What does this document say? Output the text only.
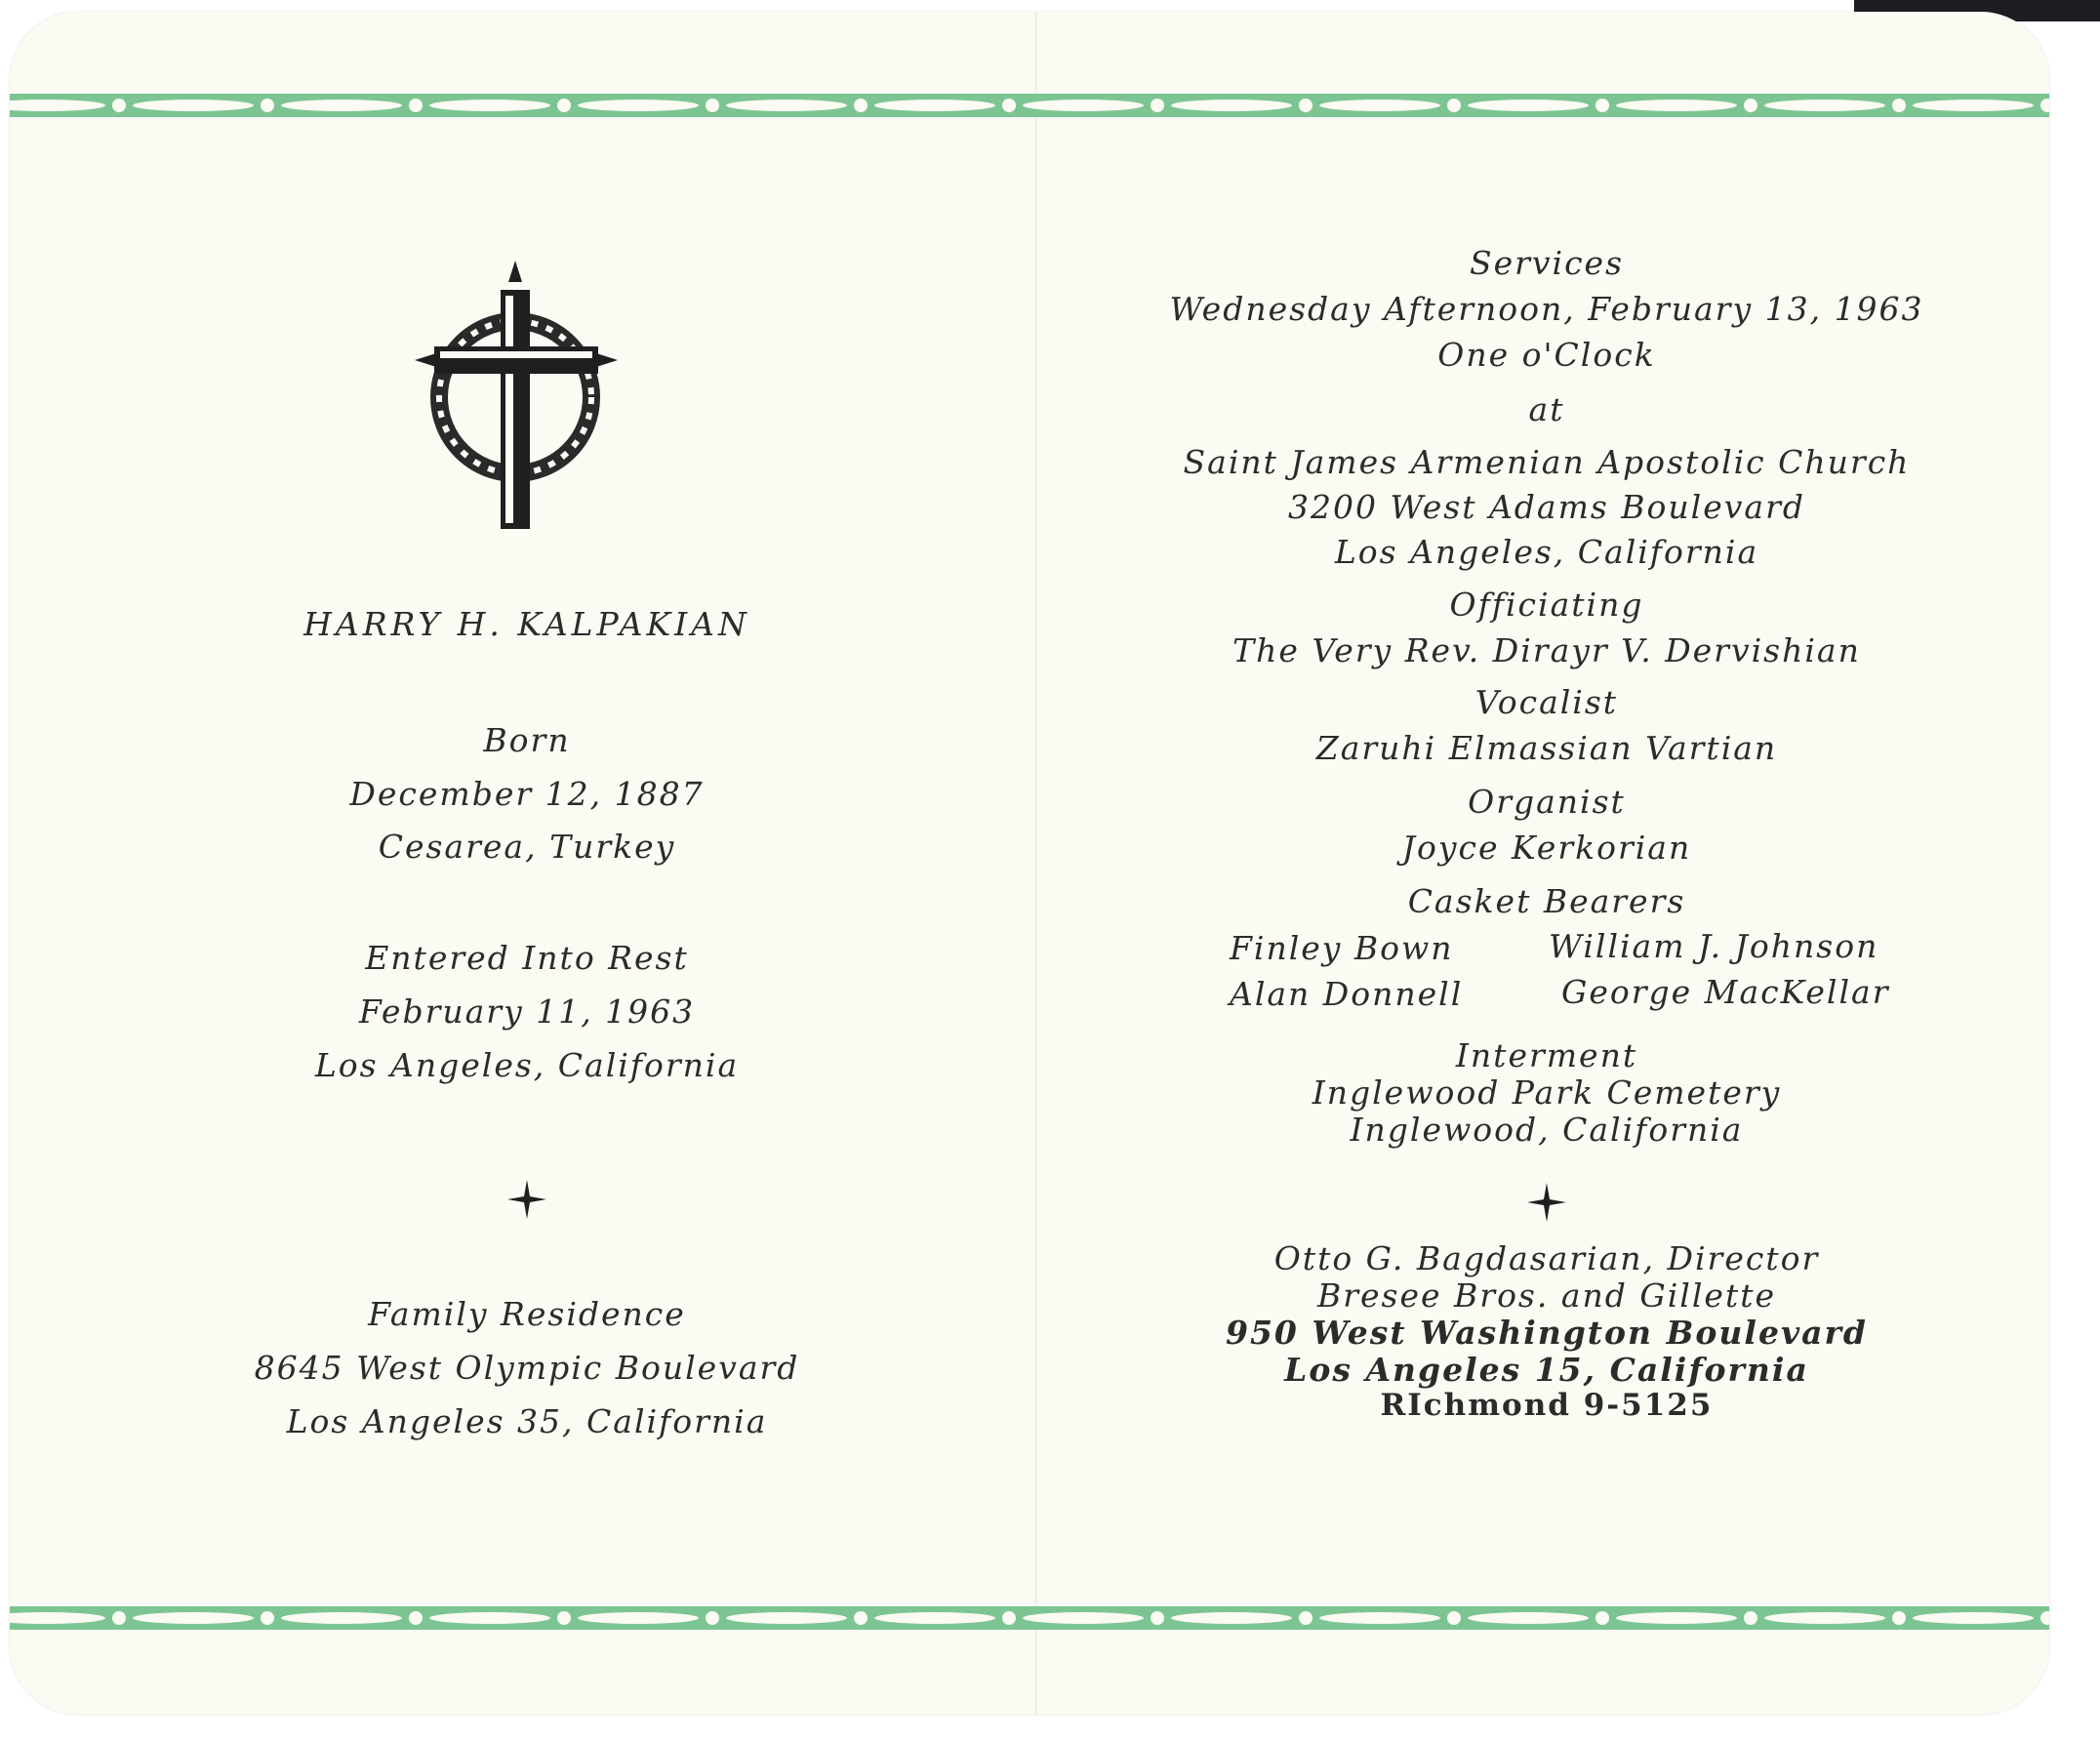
HARRY H. KALPAKIAN
Born
December 12, 1887
Cesarea, Turkey
Entered Into Rest
February 11, 1963
Los Angeles, California
Family Residence
8645 West Olympic Boulevard
Los Angeles 35, California
Services
Wednesday Afternoon, February 13, 1963
One o'Clock
at
Saint James Armenian Apostolic Church
3200 West Adams Boulevard
Los Angeles, California
Officiating
The Very Rev. Dirayr V. Dervishian
Vocalist
Zaruhi Elmassian Vartian
Organist
Joyce Kerkorian
Casket Bearers
Finley Bown	William J. Johnson
Alan Donnell	George MacKellar
Interment
Inglewood Park Cemetery
Inglewood, California
Otto G. Bagdasarian, Director
Bresee Bros. and Gillette
950 West Washington Boulevard
Los Angeles 15, California
RIchmond 9-5125
